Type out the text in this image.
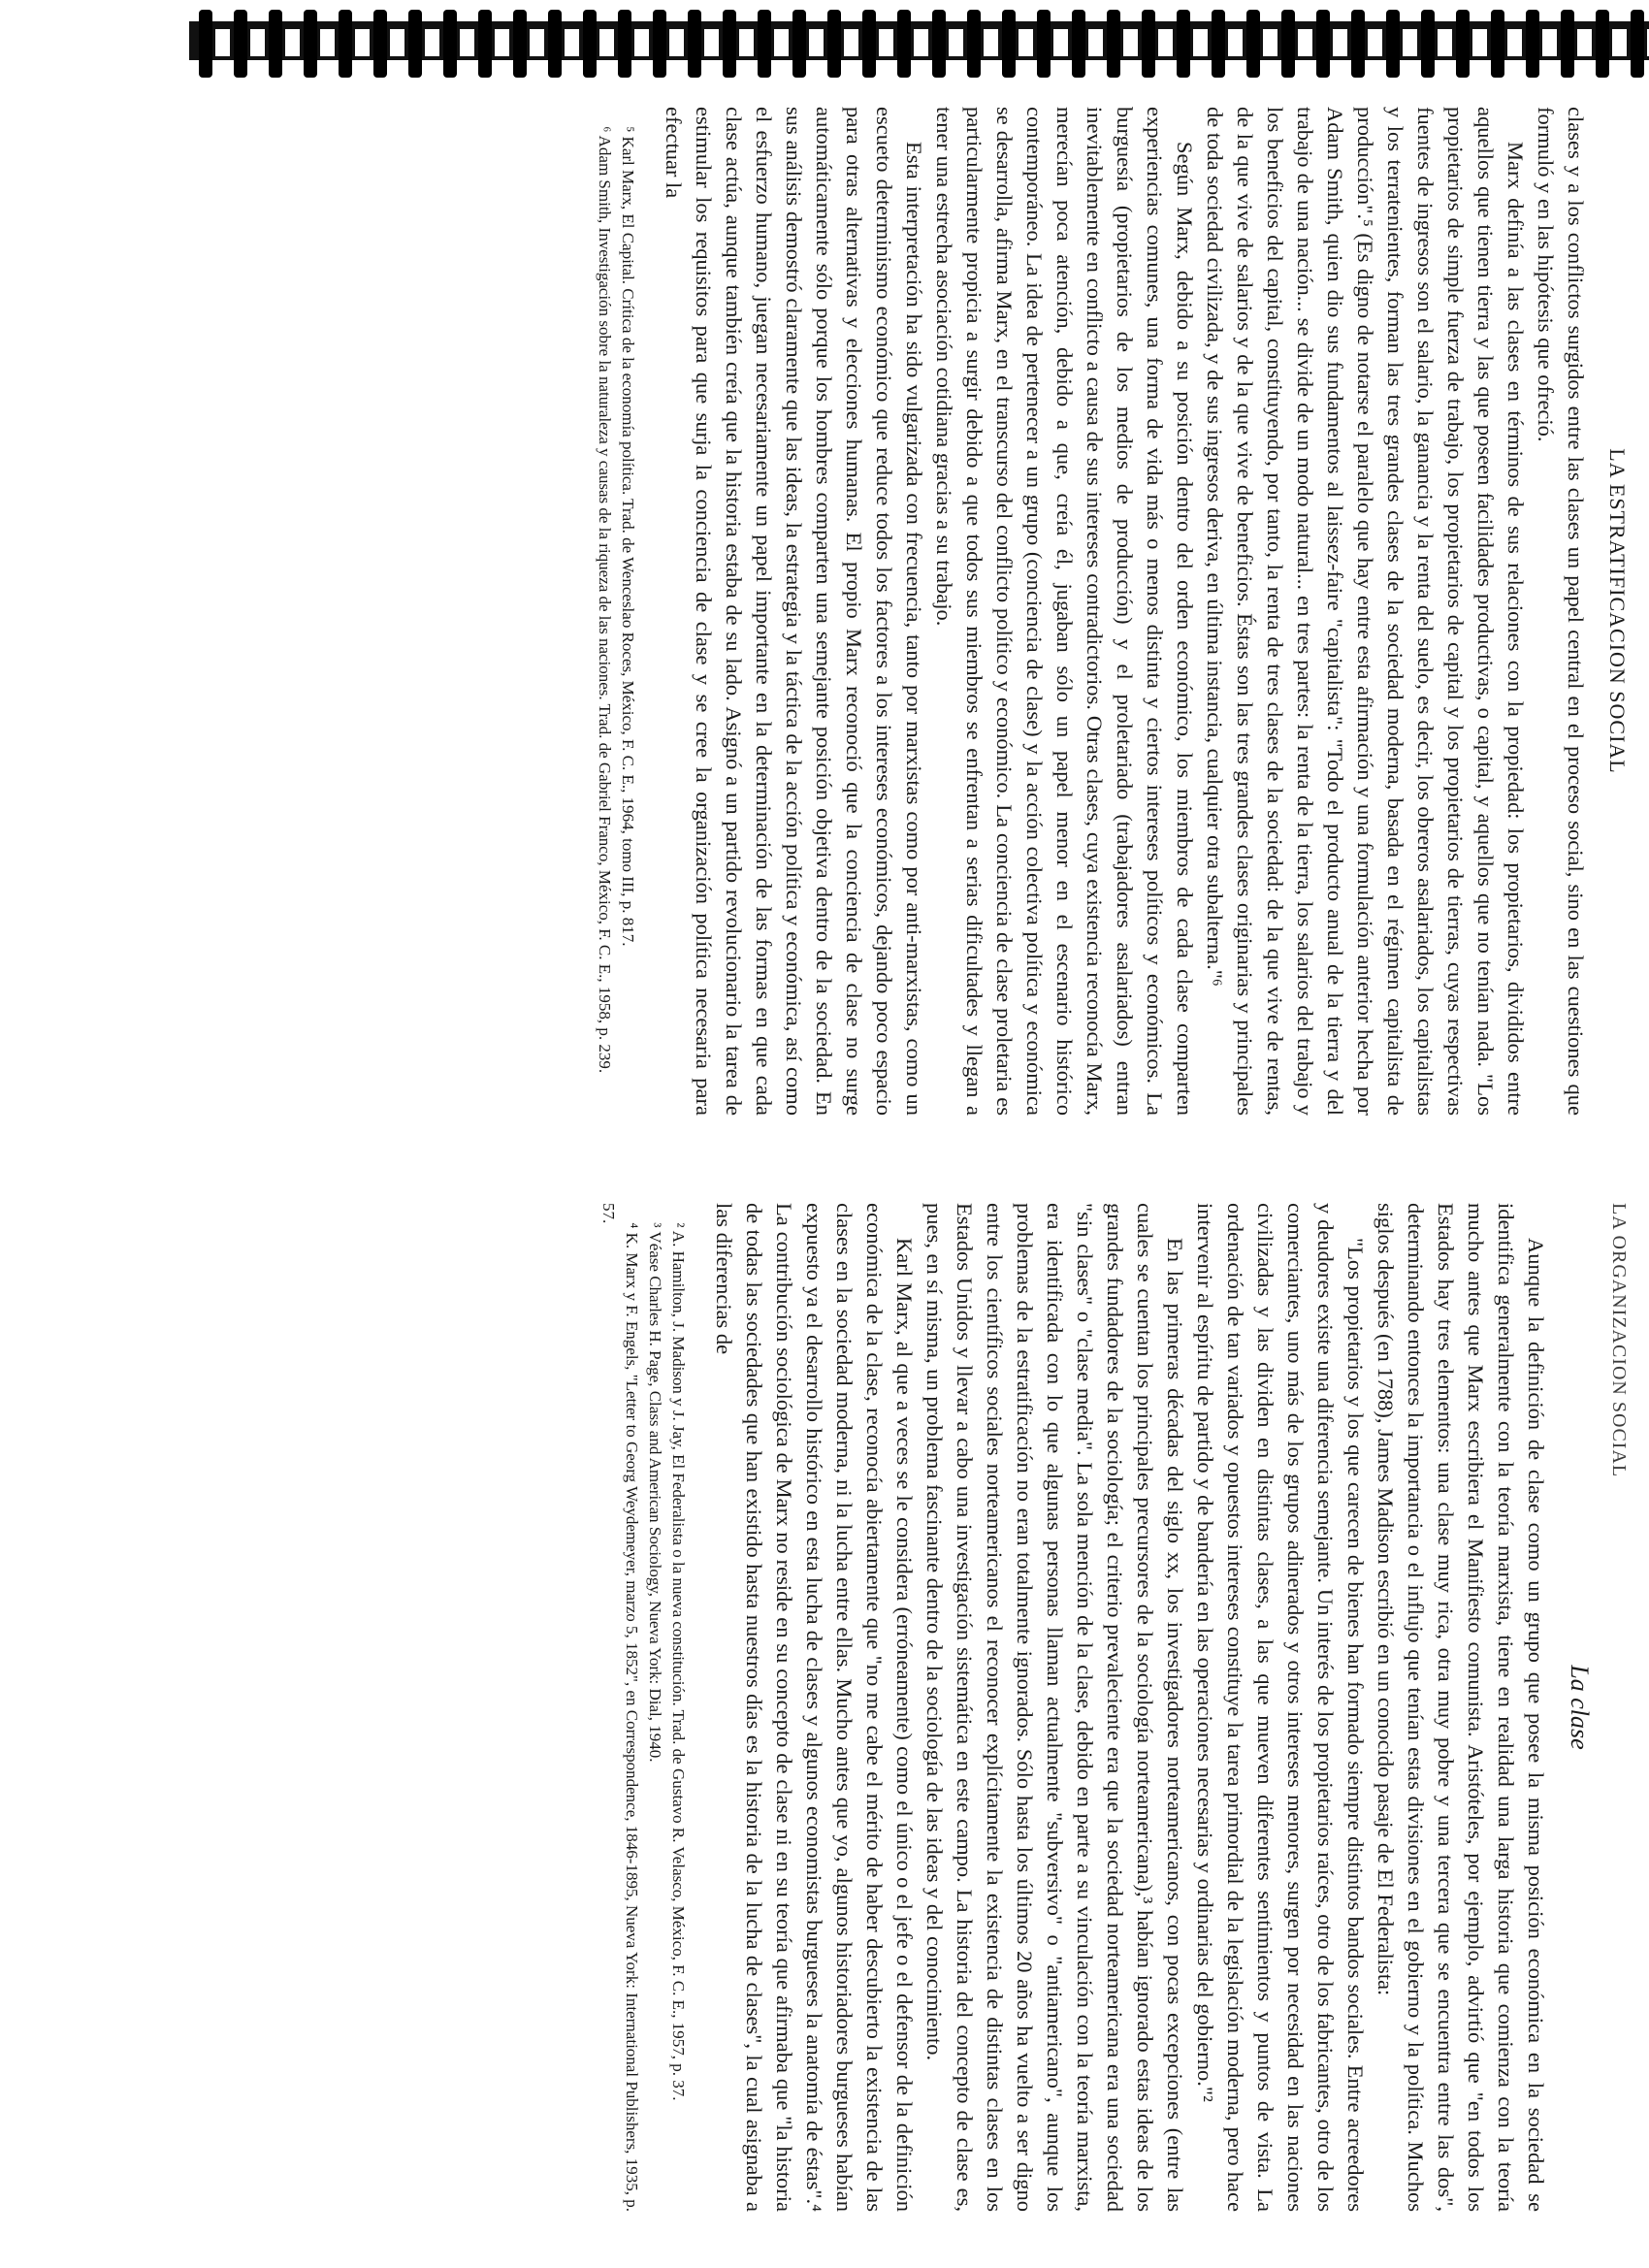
LA ESTRATIFICACION SOCIAL

clases y a los conflictos surgidos entre las clases un papel central en el proceso social, sino en las cuestiones que formuló y en las hipótesis que ofreció.

Marx definía a las clases en términos de sus relaciones con la propiedad: los propietarios, divididos entre aquellos que tienen tierra y las que poseen facilidades productivas, o capital, y aquellos que no tenían nada. "Los propietarios de simple fuerza de trabajo, los propietarios de capital y los propietarios de tierras, cuyas respectivas fuentes de ingresos son el salario, la ganancia y la renta del suelo, es decir, los obreros asalariados, los capitalistas y los terratenientes, forman las tres grandes clases de la sociedad moderna, basada en el régimen capitalista de producción".⁵ (Es digno de notarse el paralelo que hay entre esta afirmación y una formulación anterior hecha por Adam Smith, quien dio sus fundamentos al laissez-faire "capitalista": "Todo el producto anual de la tierra y del trabajo de una nación... se divide de un modo natural... en tres partes: la renta de la tierra, los salarios del trabajo y los beneficios del capital, constituyendo, por tanto, la renta de tres clases de la sociedad: de la que vive de rentas, de la que vive de salarios y de la que vive de beneficios. Éstas son las tres grandes clases originarias y principales de toda sociedad civilizada, y de sus ingresos deriva, en última instancia, cualquier otra subalterna."⁶

Según Marx, debido a su posición dentro del orden económico, los miembros de cada clase comparten experiencias comunes, una forma de vida más o menos distinta y ciertos intereses políticos y económicos. La burguesía (propietarios de los medios de producción) y el proletariado (trabajadores asalariados) entran inevitablemente en conflicto a causa de sus intereses contradictorios. Otras clases, cuya existencia reconocía Marx, merecían poca atención, debido a que, creía él, jugaban sólo un papel menor en el escenario histórico contemporáneo. La idea de pertenecer a un grupo (conciencia de clase) y la acción colectiva política y económica se desarrolla, afirma Marx, en el transcurso del conflicto político y económico. La conciencia de clase proletaria es particularmente propicia a surgir debido a que todos sus miembros se enfrentan a serias dificultades y llegan a tener una estrecha asociación cotidiana gracias a su trabajo.

Esta interpretación ha sido vulgarizada con frecuencia, tanto por marxistas como por anti-marxistas, como un escueto determinismo económico que reduce todos los factores a los intereses económicos, dejando poco espacio para otras alternativas y elecciones humanas. El propio Marx reconoció que la conciencia de clase no surge automáticamente sólo porque los hombres comparten una semejante posición objetiva dentro de la sociedad. En sus análisis demostró claramente que las ideas, la estrategia y la táctica de la acción política y económica, así como el esfuerzo humano, juegan necesariamente un papel importante en la determinación de las formas en que cada clase actúa, aunque también creía que la historia estaba de su lado. Asignó a un partido revolucionario la tarea de estimular los requisitos para que surja la conciencia de clase y se cree la organización política necesaria para efectuar la

⁵ Karl Marx, El Capital. Crítica de la economía política. Trad. de Wenceslao Roces, México, F. C. E., 1964, tomo III, p. 817.

⁶ Adam Smith, Investigación sobre la naturaleza y causas de la riqueza de las naciones. Trad. de Gabriel Franco, México, F. C. E., 1958, p. 239.

LA ORGANIZACION SOCIAL
La clase

Aunque la definición de clase como un grupo que posee la misma posición económica en la sociedad se identifica generalmente con la teoría marxista, tiene en realidad una larga historia que comienza con la teoría mucho antes que Marx escribiera el Manifiesto comunista. Aristóteles, por ejemplo, advirtió que "en todos los Estados hay tres elementos: una clase muy rica, otra muy pobre y una tercera que se encuentra entre las dos", determinando entonces la importancia o el influjo que tenían estas divisiones en el gobierno y la política. Muchos siglos después (en 1788), James Madison escribió en un conocido pasaje de El Federalista:

"Los propietarios y los que carecen de bienes han formado siempre distintos bandos sociales. Entre acreedores y deudores existe una diferencia semejante. Un interés de los propietarios raíces, otro de los fabricantes, otro de los comerciantes, uno más de los grupos adinerados y otros intereses menores, surgen por necesidad en las naciones civilizadas y las dividen en distintas clases, a las que mueven diferentes sentimientos y puntos de vista. La ordenación de tan variados y opuestos intereses constituye la tarea primordial de la legislación moderna, pero hace intervenir al espíritu de partido y de bandería en las operaciones necesarias y ordinarias del gobierno."²

En las primeras décadas del siglo xx, los investigadores norteamericanos, con pocas excepciones (entre las cuales se cuentan los principales precursores de la sociología norteamericana),³ habían ignorado estas ideas de los grandes fundadores de la sociología; el criterio prevaleciente era que la sociedad norteamericana era una sociedad "sin clases" o "clase media". La sola mención de la clase, debido en parte a su vinculación con la teoría marxista, era identificada con lo que algunas personas llaman actualmente "subversivo" o "antiamericano", aunque los problemas de la estratificación no eran totalmente ignorados. Sólo hasta los últimos 20 años ha vuelto a ser digno entre los científicos sociales norteamericanos el reconocer explícitamente la existencia de distintas clases en los Estados Unidos y llevar a cabo una investigación sistemática en este campo. La historia del concepto de clase es, pues, en sí misma, un problema fascinante dentro de la sociología de las ideas y del conocimiento.

Karl Marx, al que a veces se le considera (erróneamente) como el único o el jefe o el defensor de la definición económica de la clase, reconocía abiertamente que "no me cabe el mérito de haber descubierto la existencia de las clases en la sociedad moderna, ni la lucha entre ellas. Mucho antes que yo, algunos historiadores burgueses habían expuesto ya el desarrollo histórico en esta lucha de clases y algunos economistas burgueses la anatomía de éstas".⁴ La contribución sociológica de Marx no reside en su concepto de clase ni en su teoría que afirmaba que "la historia de todas las sociedades que han existido hasta nuestros días es la historia de la lucha de clases", la cual asignaba a las diferencias de

² A. Hamilton, J. Madison y J. Jay, El Federalista o la nueva constitución. Trad. de Gustavo R. Velasco, México, F. C. E., 1957, p. 37.

³ Véase Charles H. Page, Class and American Sociology, Nueva York: Dial, 1940.

⁴ K. Marx y F. Engels, "Letter to Georg Weydemeyer, marzo 5, 1852", en Correspondence, 1846-1895, Nueva York: International Publishers, 1935, p. 57.
